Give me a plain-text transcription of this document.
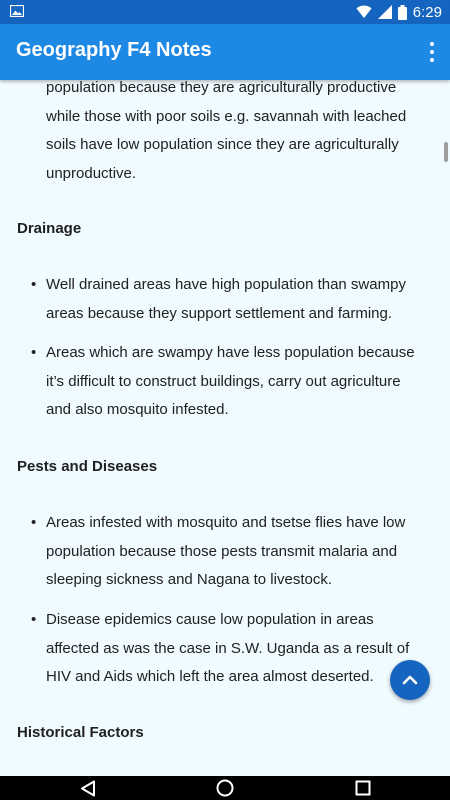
6:29
Geography F4 Notes
population because they are agriculturally productive
while those with poor soils e.g. savannah with leached
soils have low population since they are agriculturally
unproductive.
Drainage
• Well drained areas have high population than swampy
areas because they support settlement and farming.
• Areas which are swampy have less population because
it’s difficult to construct buildings, carry out agriculture
and also mosquito infested.
Pests and Diseases
• Areas infested with mosquito and tsetse flies have low
population because those pests transmit malaria and
sleeping sickness and Nagana to livestock.
• Disease epidemics cause low population in areas
affected as was the case in S.W. Uganda as a result of
HIV and Aids which left the area almost deserted.
Historical Factors
